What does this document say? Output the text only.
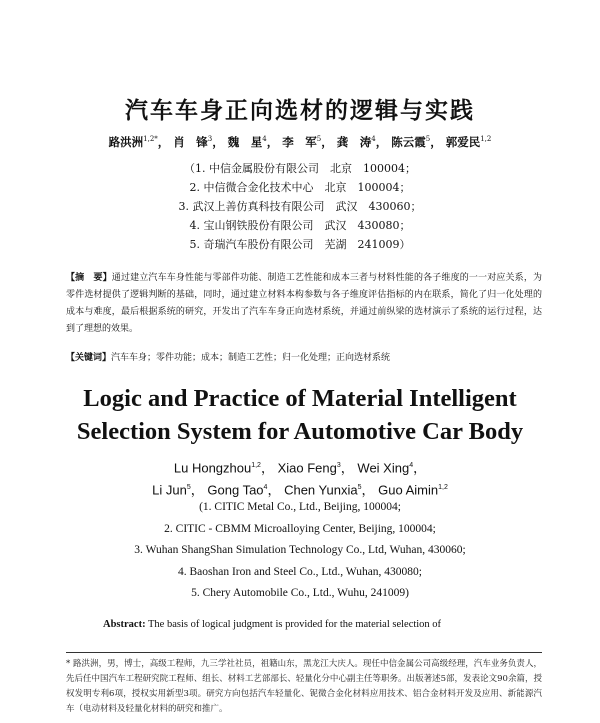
汽车车身正向选材的逻辑与实践
路洪洲$^{1,2*}$， 肖　锋$^3$， 魏　星$^4$， 李　军$^5$， 龚　涛$^4$， 陈云霞$^5$， 郭爱民$^{1,2}$
（1. 中信金属股份有限公司　北京　100004；
2. 中信微合金化技术中心　北京　100004；
3. 武汉上善仿真科技有限公司　武汉　430060；
4. 宝山钢铁股份有限公司　武汉　430080；
5. 奇瑞汽车股份有限公司　芜湖　241009）
【摘　要】通过建立汽车车身性能与零部件功能、制造工艺性能和成本三者与材料性能的各子维度的一一对应关系，为零件选材提供了逻辑判断的基础，同时，通过建立材料本构参数与各子维度评估指标的内在联系，简化了归一化处理的成本与难度，最后根据系统的研究，开发出了汽车车身正向选材系统，并通过前纵梁的选材演示了系统的运行过程，达到了理想的效果。
【关键词】汽车车身；零件功能；成本；制造工艺性；归一化处理；正向选材系统
Logic and Practice of Material Intelligent
Selection System for Automotive Car Body
Lu Hongzhou$^{1,2}$， Xiao Feng$^3$， Wei Xing$^4$，
Li Jun$^5$， Gong Tao$^4$， Chen Yunxia$^5$， Guo Aimin$^{1,2}$
(1. CITIC Metal Co., Ltd., Beijing, 100004;
2. CITIC - CBMM Microalloying Center, Beijing, 100004;
3. Wuhan ShangShan Simulation Technology Co., Ltd, Wuhan, 430060;
4. Baoshan Iron and Steel Co., Ltd., Wuhan, 430080;
5. Chery Automobile Co., Ltd., Wuhu, 241009)
Abstract: The basis of logical judgment is provided for the material selection of
* 路洪洲，男，博士，高级工程师，九三学社社员，祖籍山东，黑龙江大庆人。现任中信金属公司高级经理，汽车业务负责人，先后任中国汽车工程研究院工程师、组长、材料工艺部部长、轻量化分中心副主任等职务。出版著述5部，发表论文90余篇，授权发明专利6项，授权实用新型3项。研究方向包括汽车轻量化、铌微合金化材料应用技术、铝合金材料开发及应用、新能源汽车（电动材料及轻量化材料的研究和推广。
